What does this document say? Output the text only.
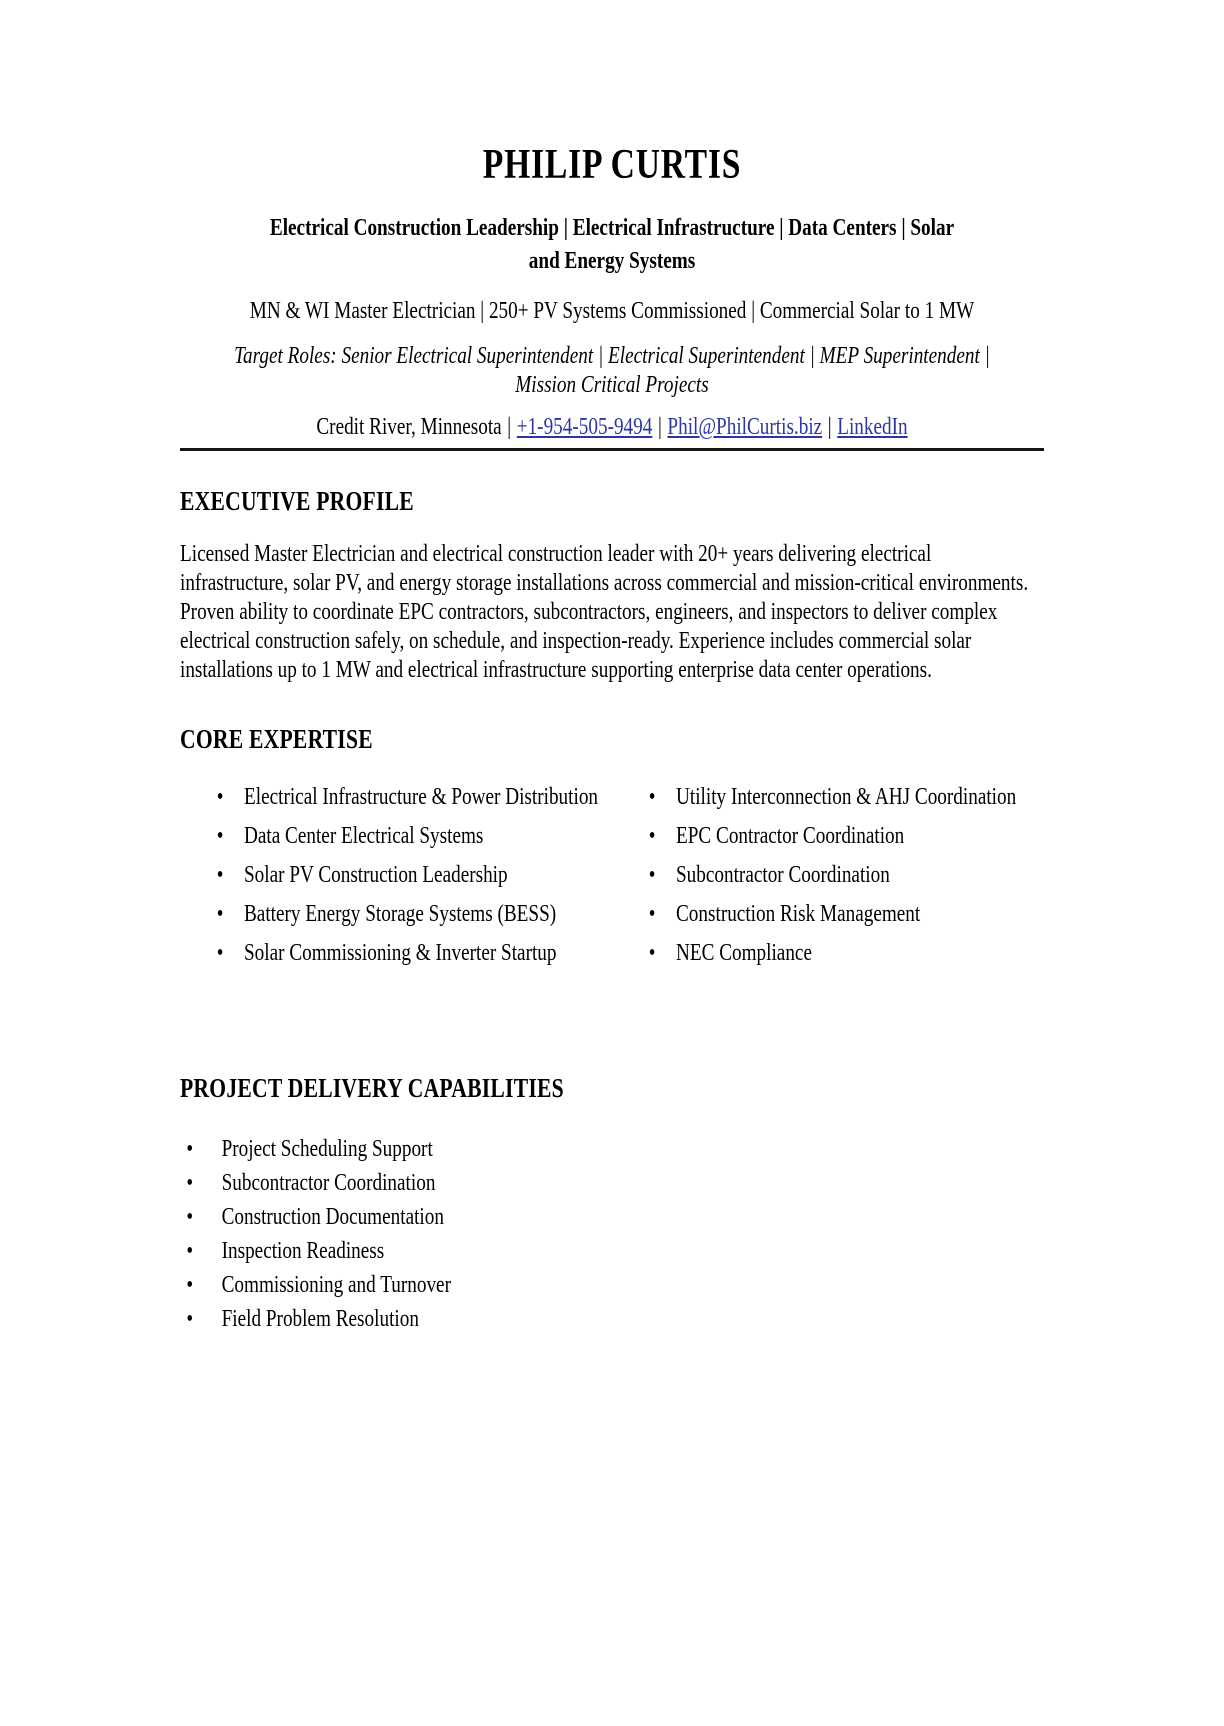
PHILIP CURTIS
Electrical Construction Leadership | Electrical Infrastructure | Data Centers | Solar
and Energy Systems
MN & WI Master Electrician | 250+ PV Systems Commissioned | Commercial Solar to 1 MW
Target Roles: Senior Electrical Superintendent | Electrical Superintendent | MEP Superintendent |
Mission Critical Projects
Credit River, Minnesota | +1-954-505-9494 | Phil@PhilCurtis.biz | LinkedIn
EXECUTIVE PROFILE

Licensed Master Electrician and electrical construction leader with 20+ years delivering electrical infrastructure, solar PV, and energy storage installations across commercial and mission-critical environments. Proven ability to coordinate EPC contractors, subcontractors, engineers, and inspectors to deliver complex electrical construction safely, on schedule, and inspection-ready. Experience includes commercial solar installations up to 1 MW and electrical infrastructure supporting enterprise data center operations.

CORE EXPERTISE
• Electrical Infrastructure & Power Distribution
• Data Center Electrical Systems
• Solar PV Construction Leadership
• Battery Energy Storage Systems (BESS)
• Solar Commissioning & Inverter Startup
• Utility Interconnection & AHJ Coordination
• EPC Contractor Coordination
• Subcontractor Coordination
• Construction Risk Management
• NEC Compliance
PROJECT DELIVERY CAPABILITIES
• Project Scheduling Support
• Subcontractor Coordination
• Construction Documentation
• Inspection Readiness
• Commissioning and Turnover
• Field Problem Resolution
